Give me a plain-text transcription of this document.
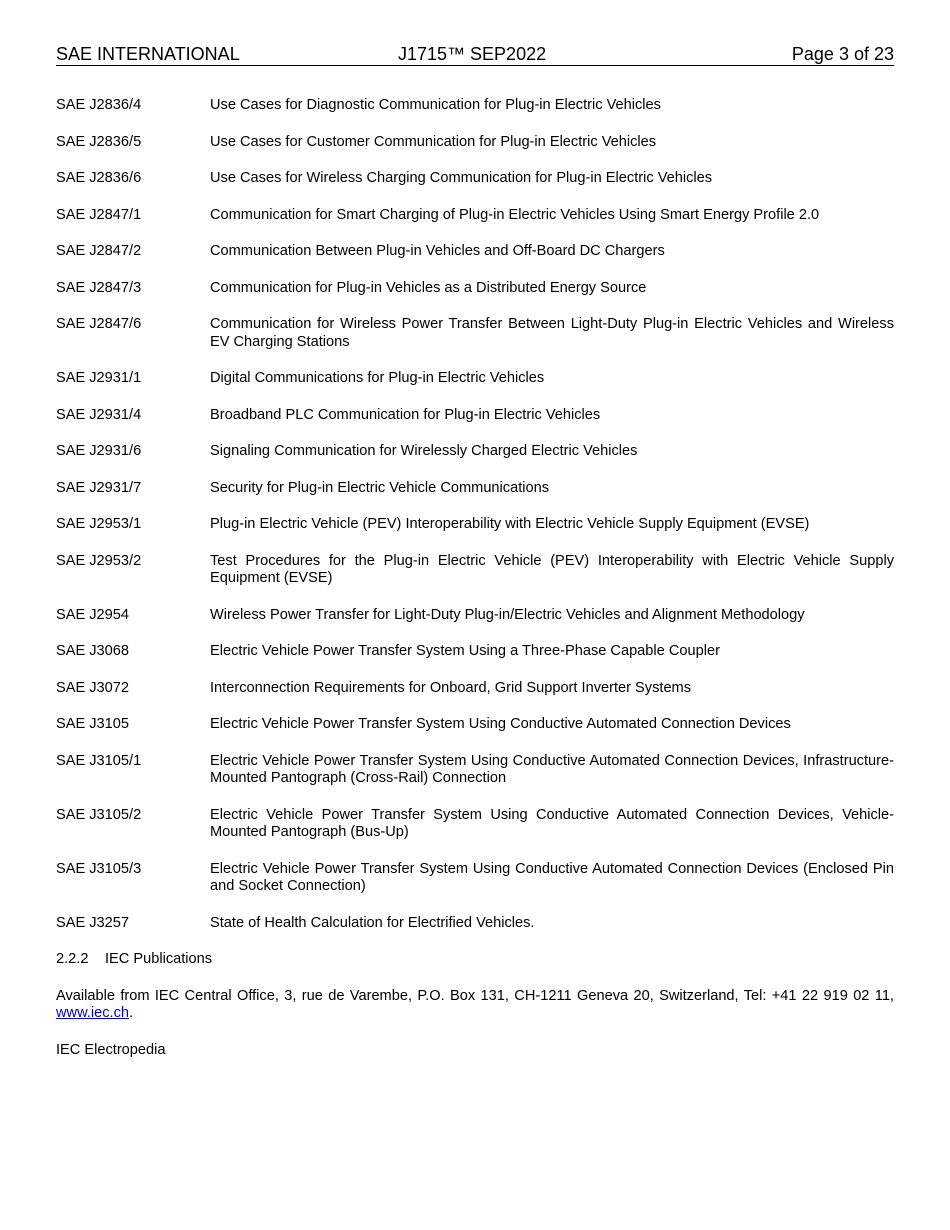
SAE INTERNATIONAL	J1715™ SEP2022	Page 3 of 23
SAE J2836/4	Use Cases for Diagnostic Communication for Plug-in Electric Vehicles
SAE J2836/5	Use Cases for Customer Communication for Plug-in Electric Vehicles
SAE J2836/6	Use Cases for Wireless Charging Communication for Plug-in Electric Vehicles
SAE J2847/1	Communication for Smart Charging of Plug-in Electric Vehicles Using Smart Energy Profile 2.0
SAE J2847/2	Communication Between Plug-in Vehicles and Off-Board DC Chargers
SAE J2847/3	Communication for Plug-in Vehicles as a Distributed Energy Source
SAE J2847/6	Communication for Wireless Power Transfer Between Light-Duty Plug-in Electric Vehicles and Wireless EV Charging Stations
SAE J2931/1	Digital Communications for Plug-in Electric Vehicles
SAE J2931/4	Broadband PLC Communication for Plug-in Electric Vehicles
SAE J2931/6	Signaling Communication for Wirelessly Charged Electric Vehicles
SAE J2931/7	Security for Plug-in Electric Vehicle Communications
SAE J2953/1	Plug-in Electric Vehicle (PEV) Interoperability with Electric Vehicle Supply Equipment (EVSE)
SAE J2953/2	Test Procedures for the Plug-in Electric Vehicle (PEV) Interoperability with Electric Vehicle Supply Equipment (EVSE)
SAE J2954	Wireless Power Transfer for Light-Duty Plug-in/Electric Vehicles and Alignment Methodology
SAE J3068	Electric Vehicle Power Transfer System Using a Three-Phase Capable Coupler
SAE J3072	Interconnection Requirements for Onboard, Grid Support Inverter Systems
SAE J3105	Electric Vehicle Power Transfer System Using Conductive Automated Connection Devices
SAE J3105/1	Electric Vehicle Power Transfer System Using Conductive Automated Connection Devices, Infrastructure-Mounted Pantograph (Cross-Rail) Connection
SAE J3105/2	Electric Vehicle Power Transfer System Using Conductive Automated Connection Devices, Vehicle-Mounted Pantograph (Bus-Up)
SAE J3105/3	Electric Vehicle Power Transfer System Using Conductive Automated Connection Devices (Enclosed Pin and Socket Connection)
SAE J3257	State of Health Calculation for Electrified Vehicles.
2.2.2 IEC Publications
Available from IEC Central Office, 3, rue de Varembe, P.O. Box 131, CH-1211 Geneva 20, Switzerland, Tel: +41 22 919 02 11, www.iec.ch.
IEC Electropedia
